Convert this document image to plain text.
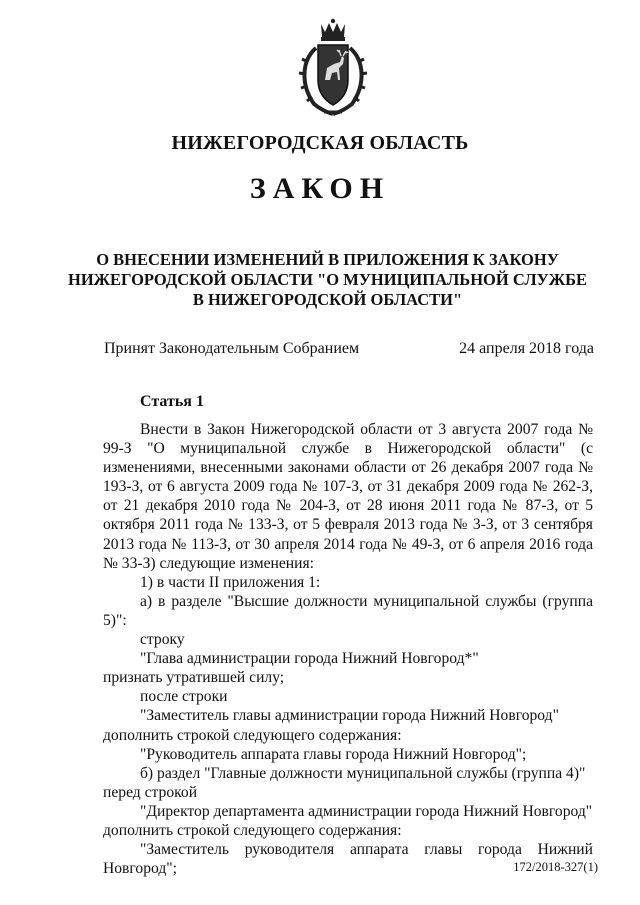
НИЖЕГОРОДСКАЯ ОБЛАСТЬ
ЗАКОН
О ВНЕСЕНИИ ИЗМЕНЕНИЙ В ПРИЛОЖЕНИЯ К ЗАКОНУ
НИЖЕГОРОДСКОЙ ОБЛАСТИ "О МУНИЦИПАЛЬНОЙ СЛУЖБЕ
В НИЖЕГОРОДСКОЙ ОБЛАСТИ"
Принят Законодательным Собранием	24 апреля 2018 года
Статья 1

Внести в Закон Нижегородской области от 3 августа 2007 года № 99-З "О муниципальной службе в Нижегородской области" (с изменениями, внесенными законами области от 26 декабря 2007 года № 193-З, от 6 августа 2009 года № 107-З, от 31 декабря 2009 года № 262-З, от 21 декабря 2010 года № 204-З, от 28 июня 2011 года № 87-З, от 5 октября 2011 года № 133-З, от 5 февраля 2013 года № 3-З, от 3 сентября 2013 года № 113-З, от 30 апреля 2014 года № 49-З, от 6 апреля 2016 года № 33-З) следующие изменения:

1) в части II приложения 1:

а) в разделе "Высшие должности муниципальной службы (группа 5)":

строку

"Глава администрации города Нижний Новгород*"

признать утратившей силу;

после строки

"Заместитель главы администрации города Нижний Новгород"

дополнить строкой следующего содержания:

"Руководитель аппарата главы города Нижний Новгород";

б) раздел "Главные должности муниципальной службы (группа 4)"

перед строкой

"Директор департамента администрации города Нижний Новгород"

дополнить строкой следующего содержания:

"Заместитель руководителя аппарата главы города Нижний Новгород";	172/2018-327(1)
